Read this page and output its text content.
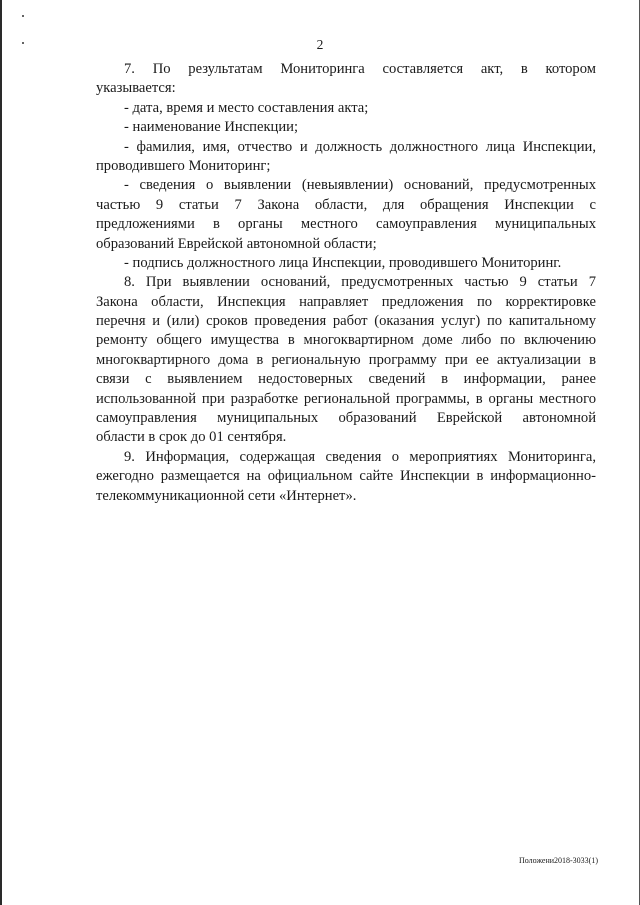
2
7. По результатам Мониторинга составляется акт, в котором
указывается:
- дата, время и место составления акта;
- наименование Инспекции;
- фамилия, имя, отчество и должность должностного лица Инспекции,
проводившего Мониторинг;
- сведения о выявлении (невыявлении) оснований, предусмотренных
частью 9 статьи 7 Закона области, для обращения Инспекции с
предложениями в органы местного самоуправления муниципальных
образований Еврейской автономной области;
- подпись должностного лица Инспекции, проводившего Мониторинг.
8. При выявлении оснований, предусмотренных частью 9 статьи 7
Закона области, Инспекция направляет предложения по корректировке
перечня и (или) сроков проведения работ (оказания услуг) по капитальному
ремонту общего имущества в многоквартирном доме либо по включению
многоквартирного дома в региональную программу при ее актуализации в
связи с выявлением недостоверных сведений в информации, ранее
использованной при разработке региональной программы, в органы местного
самоуправления муниципальных образований Еврейской автономной
области в срок до 01 сентября.
9. Информация, содержащая сведения о мероприятиях Мониторинга,
ежегодно размещается на официальном сайте Инспекции в информационно-
телекоммуникационной сети «Интернет».
Положени2018-3033(1)
